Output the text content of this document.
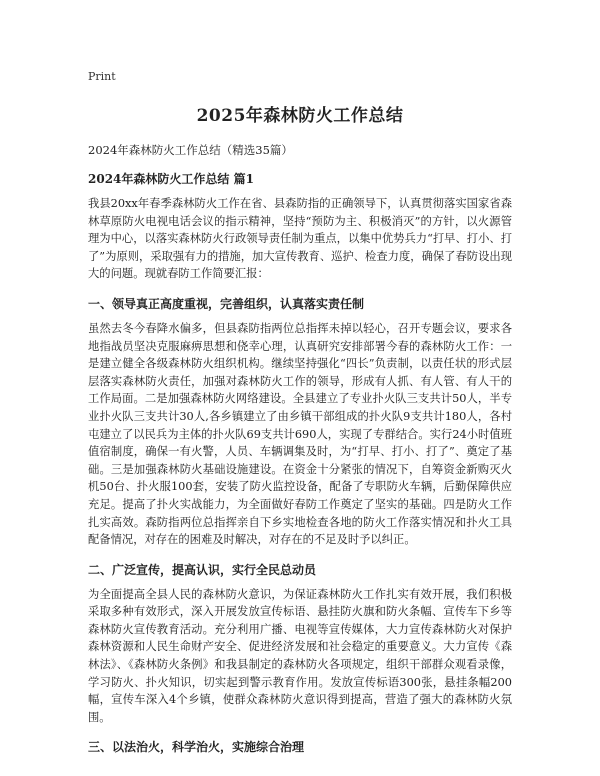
Print
2025年森林防火工作总结
2024年森林防火工作总结（精选35篇）
2024年森林防火工作总结 篇1

我县20xx年春季森林防火工作在省、县森防指的正确领导下，认真贯彻落实国家省森林草原防火电视电话会议的指示精神，坚持“预防为主、积极消灭”的方针，以火源管理为中心，以落实森林防火行政领导责任制为重点，以集中优势兵力“打早、打小、打了”为原则，采取强有力的措施，加大宣传教育、巡护、检查力度，确保了春防设出现大的问题。现就春防工作简要汇报：

一、领导真正高度重视，完善组织，认真落实责任制

虽然去冬今春降水偏多，但县森防指两位总指挥未掉以轻心，召开专题会议，要求各地指战员坚决克服麻痹思想和侥幸心理，认真研究安排部署今春的森林防火工作：一是建立健全各级森林防火组织机构。继续坚持强化“四长”负责制，以责任状的形式层层落实森林防火责任，加强对森林防火工作的领导，形成有人抓、有人管、有人干的工作局面。二是加强森林防火网络建设。全县建立了专业扑火队三支共计50人，半专业扑火队三支共计30人,各乡镇建立了由乡镇干部组成的扑火队9支共计180人，各村屯建立了以民兵为主体的扑火队69支共计690人，实现了专群结合。实行24小时值班值宿制度，确保一有火警，人员、车辆调集及时，为“打早、打小、打了”、奠定了基础。三是加强森林防火基础设施建设。在资金十分紧张的情况下，自筹资金新购灭火机50台、扑火服100套，安装了防火监控设备，配备了专职防火车辆，后勤保障供应充足。提高了扑火实战能力，为全面做好春防工作奠定了坚实的基础。四是防火工作扎实高效。森防指两位总指挥亲自下乡实地检查各地的防火工作落实情况和扑火工具配备情况，对存在的困难及时解决，对存在的不足及时予以纠正。

二、广泛宣传，提高认识，实行全民总动员

为全面提高全县人民的森林防火意识，为保证森林防火工作扎实有效开展，我们积极采取多种有效形式，深入开展发放宣传标语、悬挂防火旗和防火条幅、宣传车下乡等森林防火宣传教育活动。充分利用广播、电视等宣传媒体，大力宣传森林防火对保护森林资源和人民生命财产安全、促进经济发展和社会稳定的重要意义。大力宣传《森林法》、《森林防火条例》和我县制定的森林防火各项规定，组织干部群众观看录像，学习防火、扑火知识，切实起到警示教育作用。发放宣传标语300张，悬挂条幅200幅，宣传车深入4个乡镇，使群众森林防火意识得到提高，营造了强大的森林防火氛围。

三、以法治火，科学治火，实施综合治理
